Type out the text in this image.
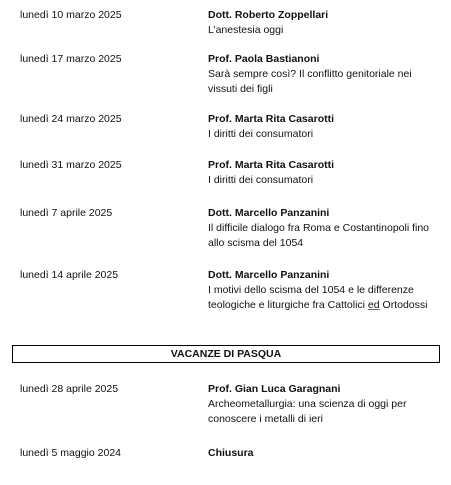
lunedì 10 marzo 2025	Dott. Roberto Zoppellari
L’anestesia oggi
lunedì 17 marzo 2025	Prof. Paola Bastianoni
Sarà sempre così? Il conflitto genitoriale nei vissuti dei figli
lunedì 24 marzo 2025	Prof. Marta Rita Casarotti
I diritti dei consumatori
lunedì 31 marzo 2025	Prof. Marta Rita Casarotti
I diritti dei consumatori
lunedì 7 aprile 2025	Dott. Marcello Panzanini
Il difficile dialogo fra Roma e Costantinopoli fino allo scisma del 1054
lunedì 14 aprile 2025	Dott. Marcello Panzanini
I motivi dello scisma del 1054 e le differenze teologiche e liturgiche fra Cattolici ed Ortodossi
VACANZE DI PASQUA
lunedì 28 aprile 2025	Prof. Gian Luca Garagnani
Archeometallurgia: una scienza di oggi per conoscere i metalli di ieri
lunedì 5 maggio 2024	Chiusura
